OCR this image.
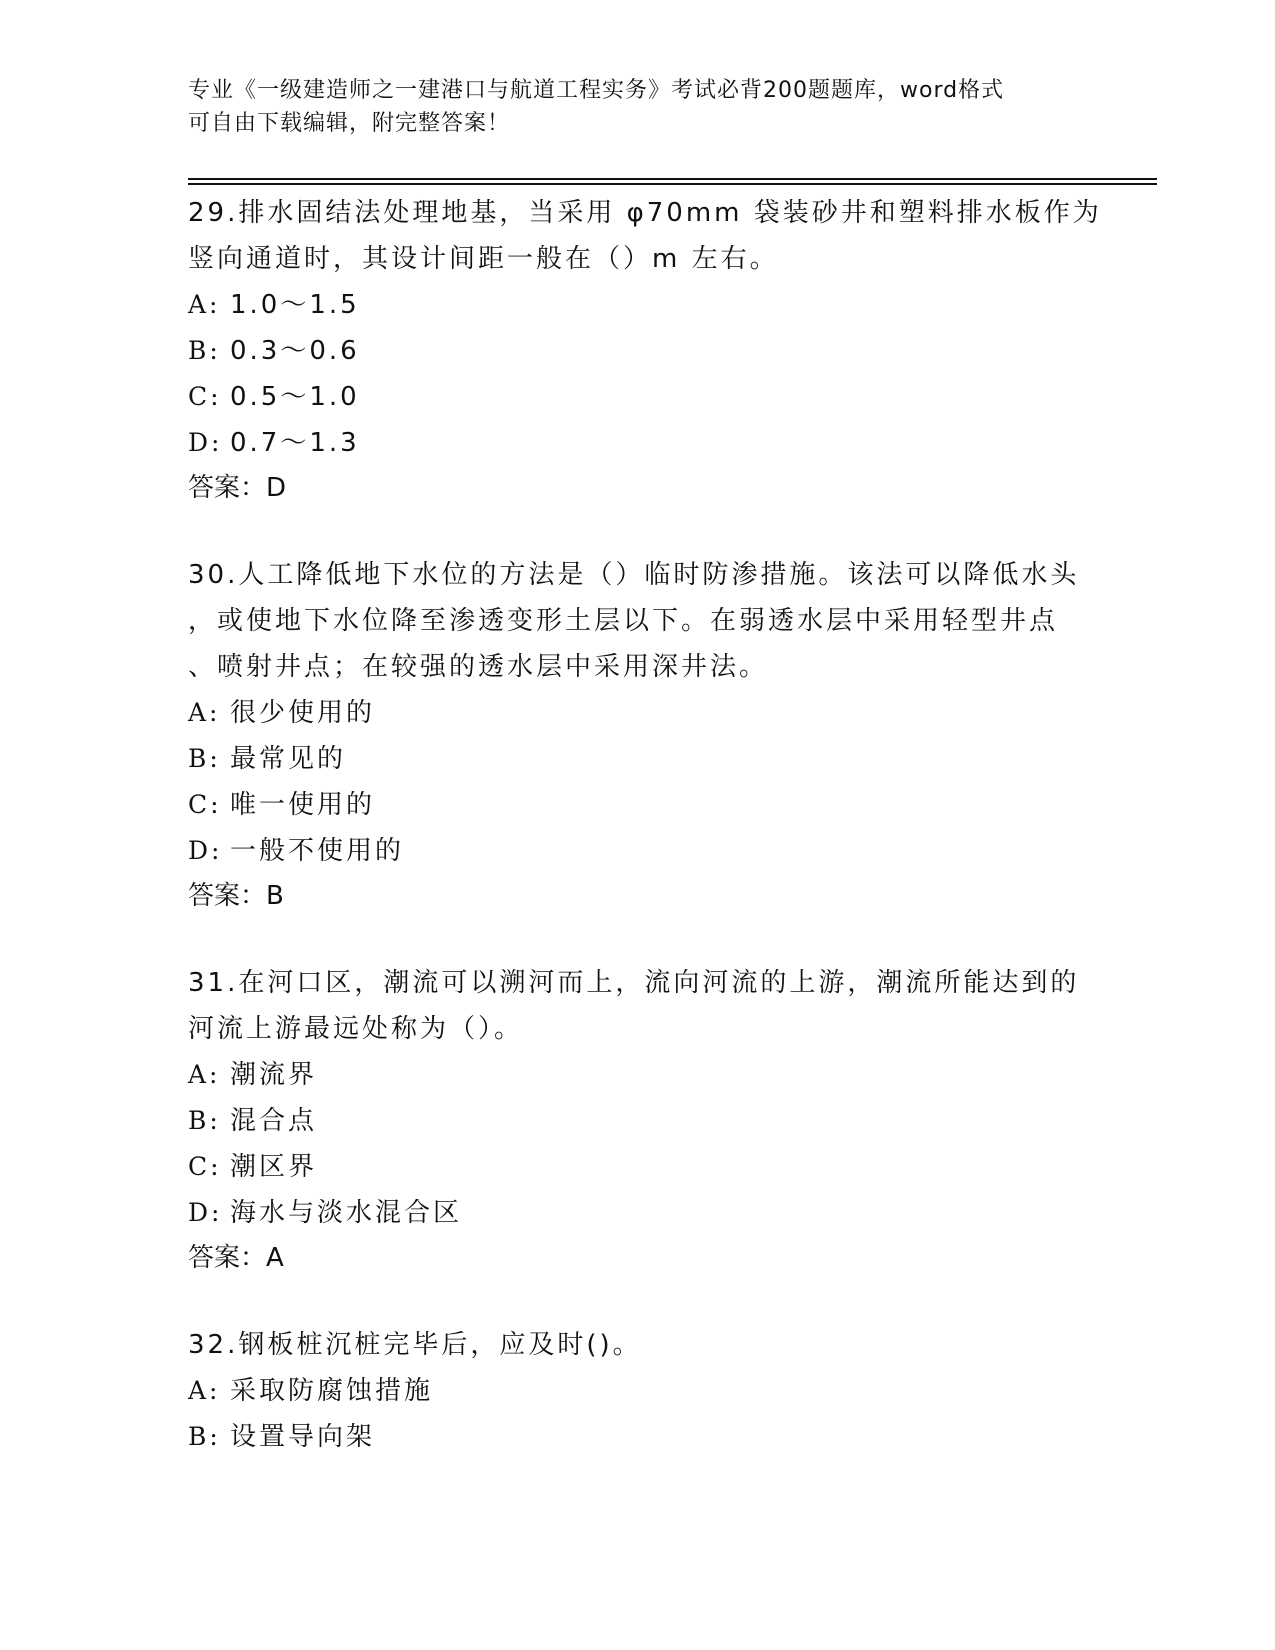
专业《一级建造师之一建港口与航道工程实务》考试必背200题题库，word格式
可自由下载编辑，附完整答案！
29.排水固结法处理地基，当采用 φ70mm 袋装砂井和塑料排水板作为
竖向通道时，其设计间距一般在（）m 左右。
A: 1.0～1.5
B: 0.3～0.6
C: 0.5～1.0
D: 0.7～1.3
答案：D
30.人工降低地下水位的方法是（）临时防渗措施。该法可以降低水头
，或使地下水位降至渗透变形土层以下。在弱透水层中采用轻型井点
、喷射井点；在较强的透水层中采用深井法。
A: 很少使用的
B: 最常见的
C: 唯一使用的
D: 一般不使用的
答案：B
31.在河口区，潮流可以溯河而上，流向河流的上游，潮流所能达到的
河流上游最远处称为（）。
A: 潮流界
B: 混合点
C: 潮区界
D: 海水与淡水混合区
答案：A
32.钢板桩沉桩完毕后，应及时()。
A: 采取防腐蚀措施
B: 设置导向架
